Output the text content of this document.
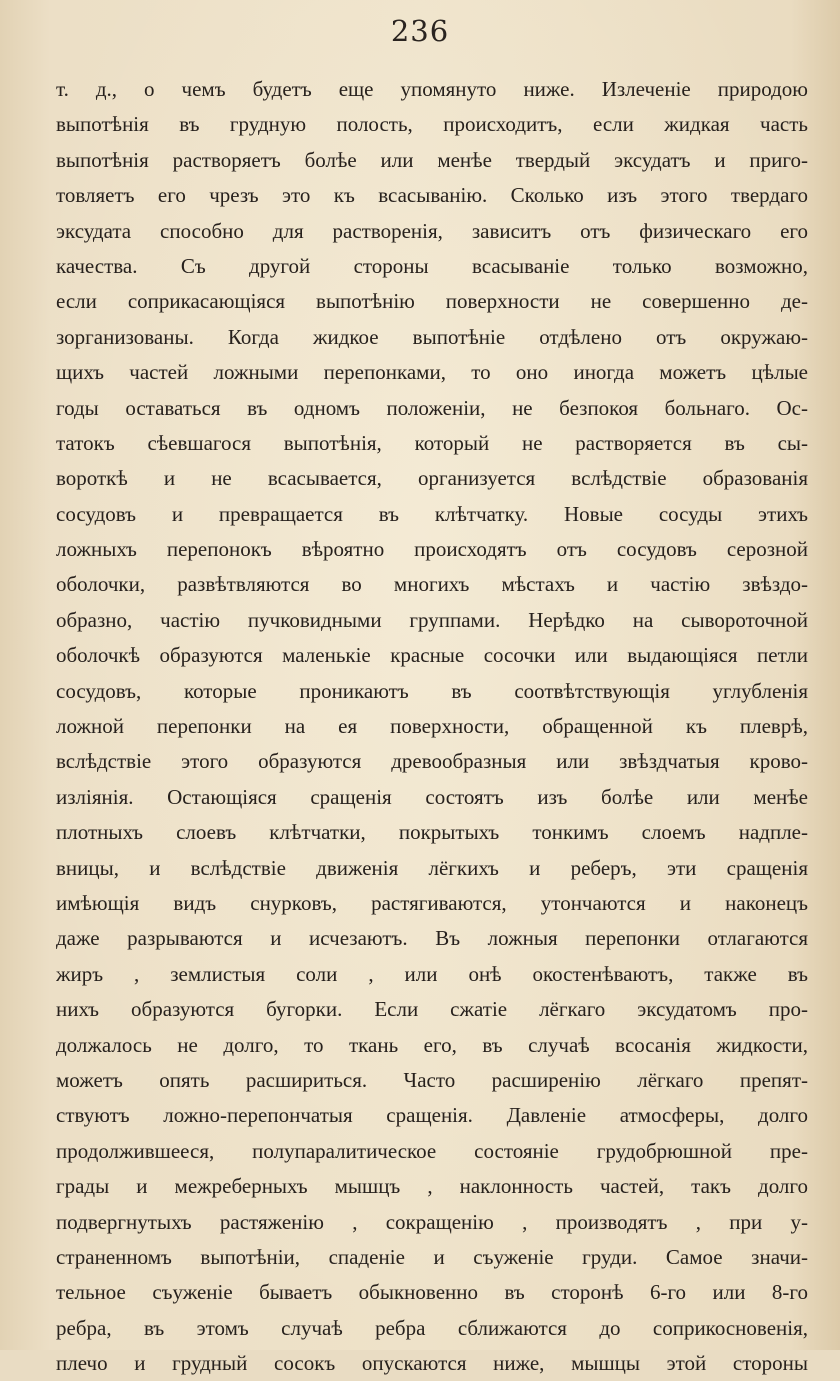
236
т. д., о чемъ будетъ еще упомянуто ниже. Излеченіе природою
выпотѣнія въ грудную полость, происходитъ, если жидкая часть
выпотѣнія растворяетъ болѣе или менѣе твердый эксудатъ и приго-
товляетъ его чрезъ это къ всасыванію. Сколько изъ этого твердаго
эксудата способно для растворенія, зависитъ отъ физическаго его
качества. Съ другой стороны всасываніе только возможно,
если соприкасающіяся выпотѣнію поверхности не совершенно де-
зорганизованы. Когда жидкое выпотѣніе отдѣлено отъ окружаю-
щихъ частей ложными перепонками, то оно иногда можетъ цѣлые
годы оставаться въ одномъ положеніи, не безпокоя больнаго. Ос-
татокъ сѣевшагося выпотѣнія, который не растворяется въ сы-
вороткѣ и не всасывается, организуется вслѣдствіе образованія
сосудовъ и превращается въ клѣтчатку. Новые сосуды этихъ
ложныхъ перепонокъ вѣроятно происходятъ отъ сосудовъ серозной
оболочки, развѣтвляются во многихъ мѣстахъ и частію звѣздо-
образно, частію пучковидными группами. Нерѣдко на сывороточной
оболочкѣ образуются маленькіе красные сосочки или выдающіяся петли
сосудовъ, которые проникаютъ въ соотвѣтствующія углубленія
ложной перепонки на ея поверхности, обращенной къ плеврѣ,
вслѣдствіе этого образуются древообразныя или звѣздчатыя крово-
изліянія. Остающіяся сращенія состоятъ изъ болѣе или менѣе
плотныхъ слоевъ клѣтчатки, покрытыхъ тонкимъ слоемъ надпле-
вницы, и вслѣдствіе движенія лёгкихъ и реберъ, эти сращенія
имѣющія видъ снурковъ, растягиваются, утончаются и наконецъ
даже разрываются и исчезаютъ. Въ ложныя перепонки отлагаются
жиръ , землистыя соли , или онѣ окостенѣваютъ, также въ
нихъ образуются бугорки. Если сжатіе лёгкаго эксудатомъ про-
должалось не долго, то ткань его, въ случаѣ всосанія жидкости,
можетъ опять расшириться. Часто расширенію лёгкаго препят-
ствуютъ ложно-перепончатыя сращенія. Давленіе атмосферы, долго
продолжившееся, полупаралитическое состояніе грудобрюшной пре-
грады и межреберныхъ мышцъ , наклонность частей, такъ долго
подвергнутыхъ растяженію , сокращенію , производятъ , при у-
страненномъ выпотѣніи, спаденіе и съуженіе груди. Самое значи-
тельное съуженіе бываетъ обыкновенно въ сторонѣ 6-го или 8-го
ребра, въ этомъ случаѣ ребра сближаются до соприкосновенія,
плечо и грудный сосокъ опускаются ниже, мышцы этой стороны
